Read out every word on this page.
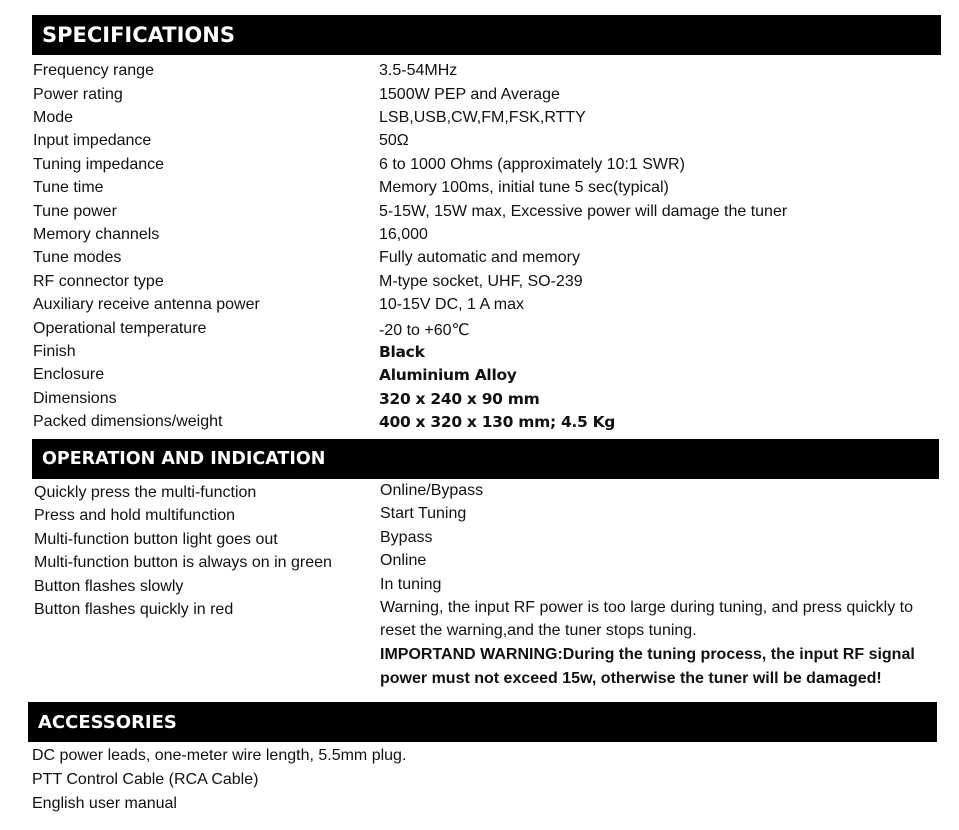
SPECIFICATIONS
Frequency range	3.5-54MHz
Power rating	1500W PEP and Average
Mode	LSB,USB,CW,FM,FSK,RTTY
Input impedance	50Ω
Tuning impedance	6 to 1000 Ohms (approximately 10:1 SWR)
Tune time	Memory 100ms, initial tune 5 sec(typical)
Tune power	5-15W, 15W max, Excessive power will damage the tuner
Memory channels	16,000
Tune modes	Fully automatic and memory
RF connector type	M-type socket, UHF, SO-239
Auxiliary receive antenna power	10-15V DC, 1 A max
Operational temperature	-20 to +60℃
Finish	Black
Enclosure	Aluminium Alloy
Dimensions	320 x 240 x 90 mm
Packed dimensions/weight	400 x 320 x 130 mm; 4.5 Kg
OPERATION AND INDICATION
Quickly press the multi-function	Online/Bypass
Press and hold multifunction	Start Tuning
Multi-function button light goes out	Bypass
Multi-function button is always on in green	Online
Button flashes slowly	In tuning
Button flashes quickly in red	Warning, the input RF power is too large during tuning, and press quickly to
reset the warning,and the tuner stops tuning.
IMPORTAND WARNING:During the tuning process, the input RF signal
power must not exceed 15w, otherwise the tuner will be damaged!
ACCESSORIES
DC power leads, one-meter wire length, 5.5mm plug.
PTT Control Cable (RCA Cable)
English user manual
